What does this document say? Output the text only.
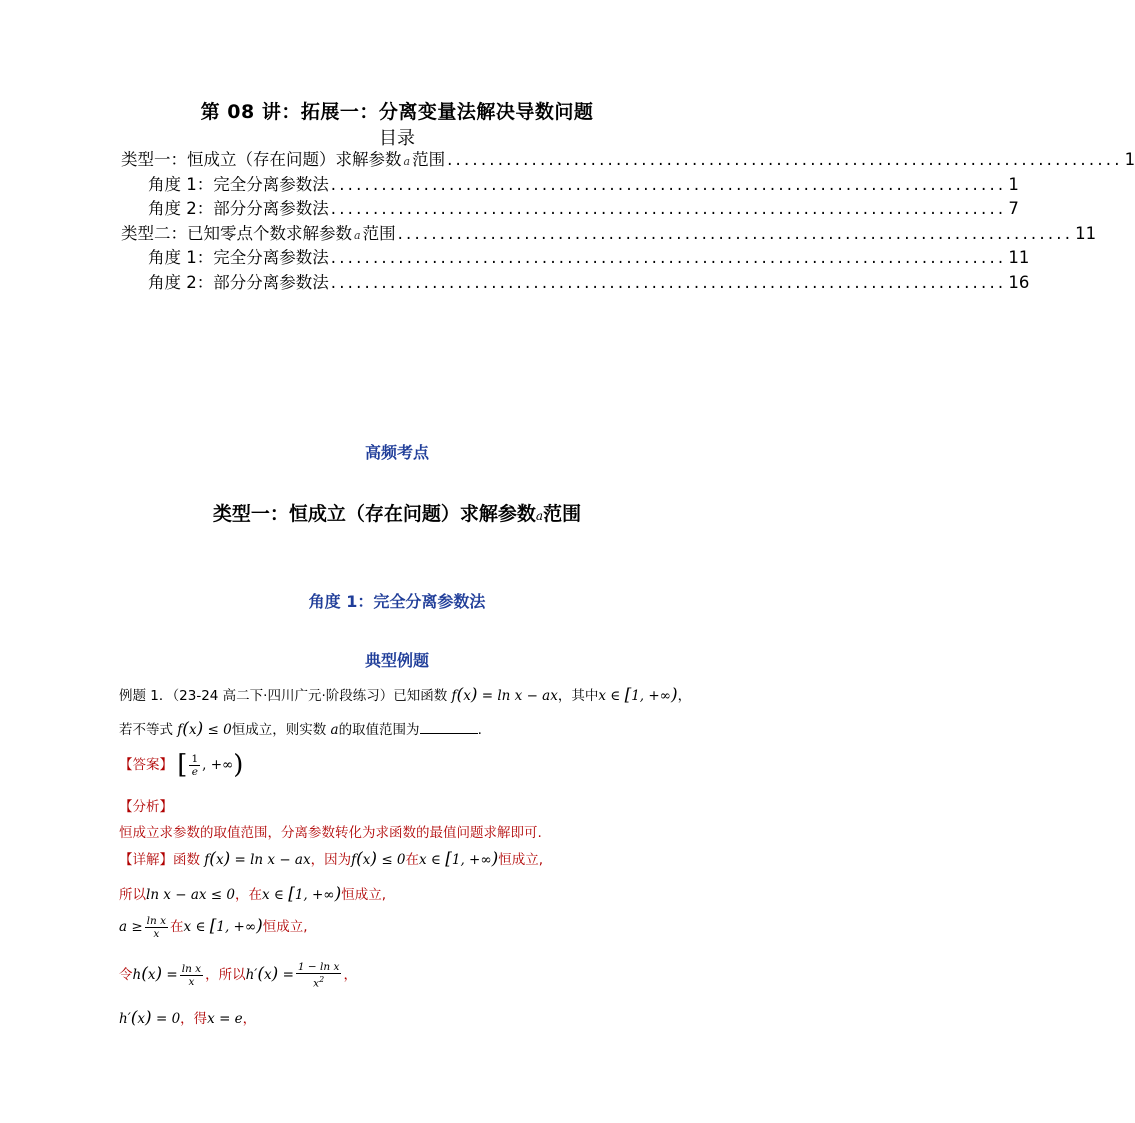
第 08 讲：拓展一：分离变量法解决导数问题
目录
类型一：恒成立（存在问题）求解参数 a 范围 ................................................................................ 1
角度 1：完全分离参数法 ................................................................................ 1
角度 2：部分分离参数法 ................................................................................ 7
类型二：已知零点个数求解参数 a 范围 ................................................................................ 11
角度 1：完全分离参数法 ................................................................................ 11
角度 2：部分分离参数法 ................................................................................ 16
高频考点
类型一：恒成立（存在问题）求解参数a范围
角度 1：完全分离参数法
典型例题
例题 1．（23-24 高二下·四川广元·阶段练习）已知函数 f(x) = ln x − ax，其中x ∈ [1, +∞)，
若不等式 f(x) ≤ 0恒成立，则实数 a的取值范围为	.
【答案】 [ $\frac{1}{e}$ , +∞ )
【分析】
恒成立求参数的取值范围，分离参数转化为求函数的最值问题求解即可.
【详解】函数 f(x) = ln x − ax，因为f(x) ≤ 0在x ∈ [1, +∞)恒成立,
所以ln x − ax ≤ 0，在x ∈ [1, +∞)恒成立,
$a \ge \frac{\text{ln x}}{x}$ 在x ∈ [1, +∞)恒成立,
令$h(x) = \frac{\text{ln x}}{x}$ ，所以$h'(x) = \frac{\text{1 − ln x}}{x^2}$ ，
h′(x) = 0，得x = e，
